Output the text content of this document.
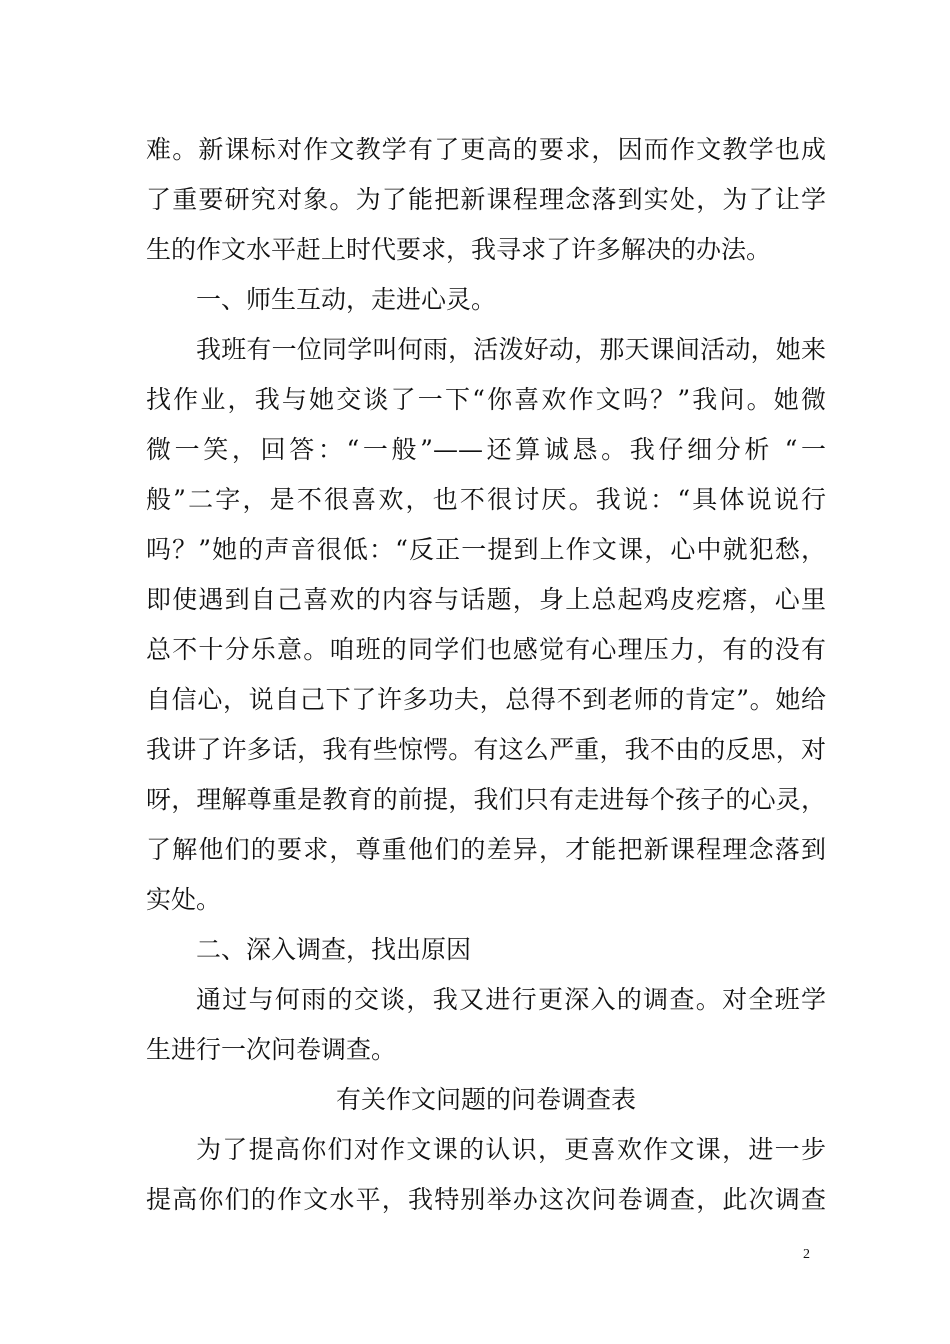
难。新课标对作文教学有了更高的要求，因而作文教学也成
了重要研究对象。为了能把新课程理念落到实处，为了让学
生的作文水平赶上时代要求，我寻求了许多解决的办法。
一、师生互动，走进心灵。
我班有一位同学叫何雨，活泼好动，那天课间活动，她来
找作业，我与她交谈了一下“你喜欢作文吗？”我问。她微
微一笑，回答：“一般”——还算诚恳。我仔细分析 “一
般”二字，是不很喜欢，也不很讨厌。我说：“具体说说行
吗？”她的声音很低：“反正一提到上作文课，心中就犯愁，
即使遇到自己喜欢的内容与话题，身上总起鸡皮疙瘩，心里
总不十分乐意。咱班的同学们也感觉有心理压力，有的没有
自信心，说自己下了许多功夫，总得不到老师的肯定”。她给
我讲了许多话，我有些惊愕。有这么严重，我不由的反思，对
呀，理解尊重是教育的前提，我们只有走进每个孩子的心灵，
了解他们的要求，尊重他们的差异，才能把新课程理念落到
实处。
二、深入调查，找出原因
通过与何雨的交谈，我又进行更深入的调查。对全班学
生进行一次问卷调查。
有关作文问题的问卷调查表
为了提高你们对作文课的认识，更喜欢作文课，进一步
提高你们的作文水平，我特别举办这次问卷调查，此次调查
2
